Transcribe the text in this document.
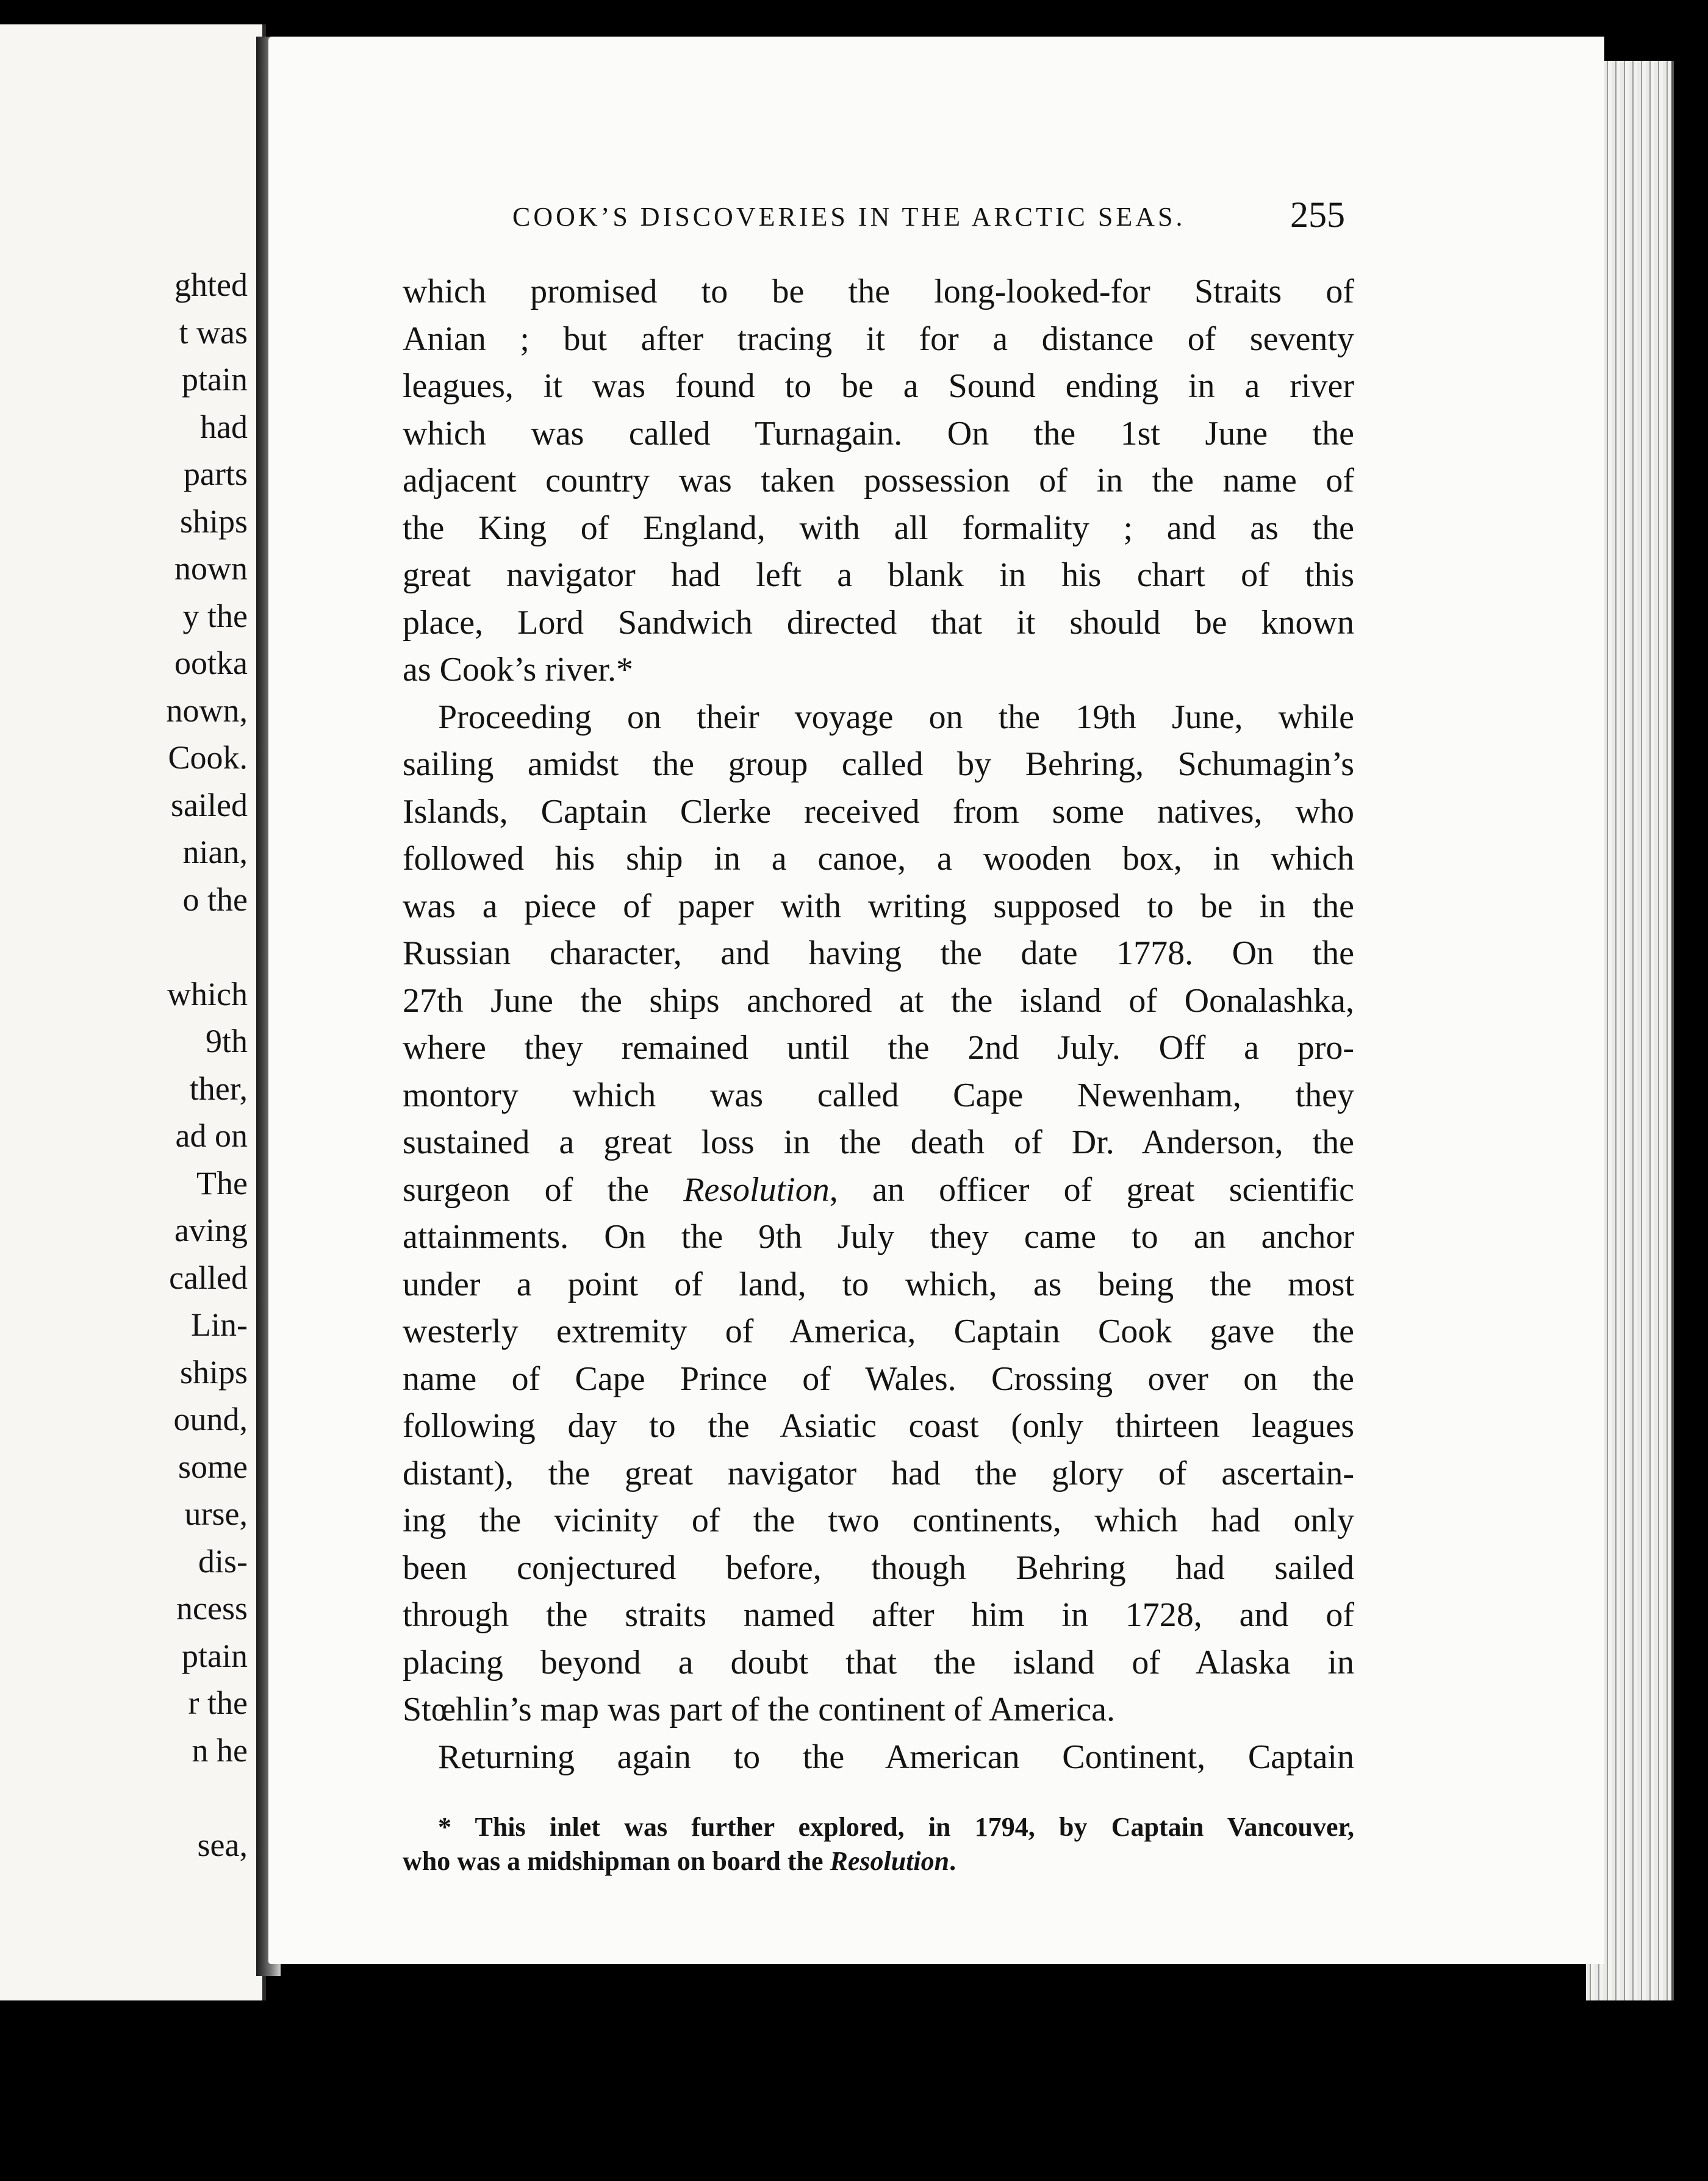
ghted
t was
ptain
had
parts
ships
nown
y the
ootka
nown,
Cook.
sailed
nian,
o the
which
9th
ther,
ad on
The
aving
called
Lin-
ships
ound,
some
urse,
dis-
ncess
ptain
r the
n he
sea,
COOK’S DISCOVERIES IN THE ARCTIC SEAS.	255
which promised to be the long-looked-for Straits of
Anian ; but after tracing it for a distance of seventy
leagues, it was found to be a Sound ending in a river
which was called Turnagain. On the 1st June the
adjacent country was taken possession of in the name of
the King of England, with all formality ; and as the
great navigator had left a blank in his chart of this
place, Lord Sandwich directed that it should be known
as Cook’s river.*
Proceeding on their voyage on the 19th June, while
sailing amidst the group called by Behring, Schumagin’s
Islands, Captain Clerke received from some natives, who
followed his ship in a canoe, a wooden box, in which
was a piece of paper with writing supposed to be in the
Russian character, and having the date 1778. On the
27th June the ships anchored at the island of Oonalashka,
where they remained until the 2nd July. Off a pro-
montory which was called Cape Newenham, they
sustained a great loss in the death of Dr. Anderson, the
surgeon of the Resolution, an officer of great scientific
attainments. On the 9th July they came to an anchor
under a point of land, to which, as being the most
westerly extremity of America, Captain Cook gave the
name of Cape Prince of Wales. Crossing over on the
following day to the Asiatic coast (only thirteen leagues
distant), the great navigator had the glory of ascertain-
ing the vicinity of the two continents, which had only
been conjectured before, though Behring had sailed
through the straits named after him in 1728, and of
placing beyond a doubt that the island of Alaska in
Stœhlin’s map was part of the continent of America.
Returning again to the American Continent, Captain
* This inlet was further explored, in 1794, by Captain Vancouver,
who was a midshipman on board the Resolution.
